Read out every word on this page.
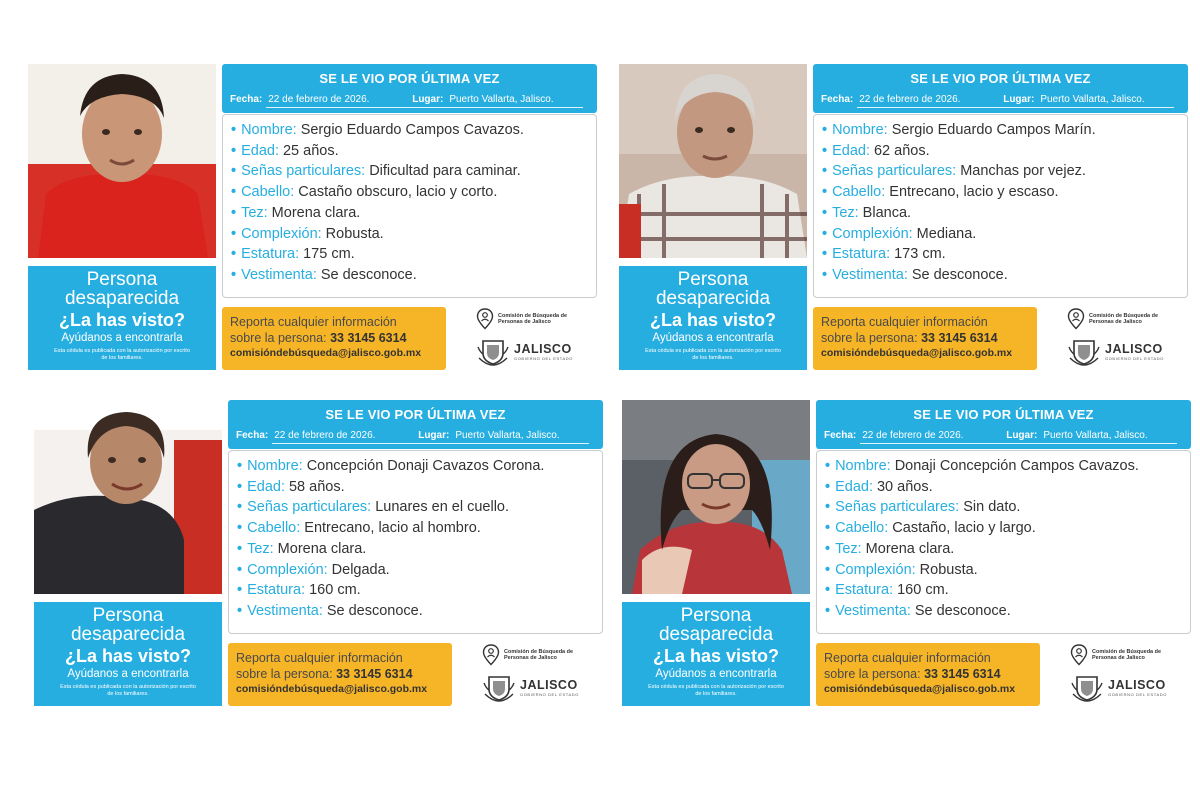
Persona
desaparecida
¿La has visto?
Ayúdanos a encontrarla
Esta cédula es publicada con la autorización por escrito de los familiares.
SE LE VIO POR ÚLTIMA VEZ
Fecha: 22 de febrero de 2026.	Lugar: Puerto Vallarta, Jalisco.
• Nombre: Sergio Eduardo Campos Cavazos.
• Edad: 25 años.
• Señas particulares: Dificultad para caminar.
• Cabello: Castaño obscuro, lacio y corto.
• Tez: Morena clara.
• Complexión: Robusta.
• Estatura: 175 cm.
• Vestimenta: Se desconoce.
Reporta cualquier información
sobre la persona: 33 3145 6314
comisióndebúsqueda@jalisco.gob.mx
Comisión de Búsqueda de Personas de Jalisco
JALISCO
GOBIERNO DEL ESTADO
Persona
desaparecida
¿La has visto?
Ayúdanos a encontrarla
Esta cédula es publicada con la autorización por escrito de los familiares.
SE LE VIO POR ÚLTIMA VEZ
Fecha: 22 de febrero de 2026.	Lugar: Puerto Vallarta, Jalisco.
• Nombre: Sergio Eduardo Campos Marín.
• Edad: 62 años.
• Señas particulares: Manchas por vejez.
• Cabello: Entrecano, lacio y escaso.
• Tez: Blanca.
• Complexión: Mediana.
• Estatura: 173 cm.
• Vestimenta: Se desconoce.
Reporta cualquier información
sobre la persona: 33 3145 6314
comisióndebúsqueda@jalisco.gob.mx
Comisión de Búsqueda de Personas de Jalisco
JALISCO
GOBIERNO DEL ESTADO
Persona
desaparecida
¿La has visto?
Ayúdanos a encontrarla
Esta cédula es publicada con la autorización por escrito de los familiares.
SE LE VIO POR ÚLTIMA VEZ
Fecha: 22 de febrero de 2026.	Lugar: Puerto Vallarta, Jalisco.
• Nombre: Concepción Donaji Cavazos Corona.
• Edad: 58 años.
• Señas particulares: Lunares en el cuello.
• Cabello: Entrecano, lacio al hombro.
• Tez: Morena clara.
• Complexión: Delgada.
• Estatura: 160 cm.
• Vestimenta: Se desconoce.
Reporta cualquier información
sobre la persona: 33 3145 6314
comisióndebúsqueda@jalisco.gob.mx
Comisión de Búsqueda de Personas de Jalisco
JALISCO
GOBIERNO DEL ESTADO
Persona
desaparecida
¿La has visto?
Ayúdanos a encontrarla
Esta cédula es publicada con la autorización por escrito de los familiares.
SE LE VIO POR ÚLTIMA VEZ
Fecha: 22 de febrero de 2026.	Lugar: Puerto Vallarta, Jalisco.
• Nombre: Donaji Concepción Campos Cavazos.
• Edad: 30 años.
• Señas particulares: Sin dato.
• Cabello: Castaño, lacio y largo.
• Tez: Morena clara.
• Complexión: Robusta.
• Estatura: 160 cm.
• Vestimenta: Se desconoce.
Reporta cualquier información
sobre la persona: 33 3145 6314
comisióndebúsqueda@jalisco.gob.mx
Comisión de Búsqueda de Personas de Jalisco
JALISCO
GOBIERNO DEL ESTADO
